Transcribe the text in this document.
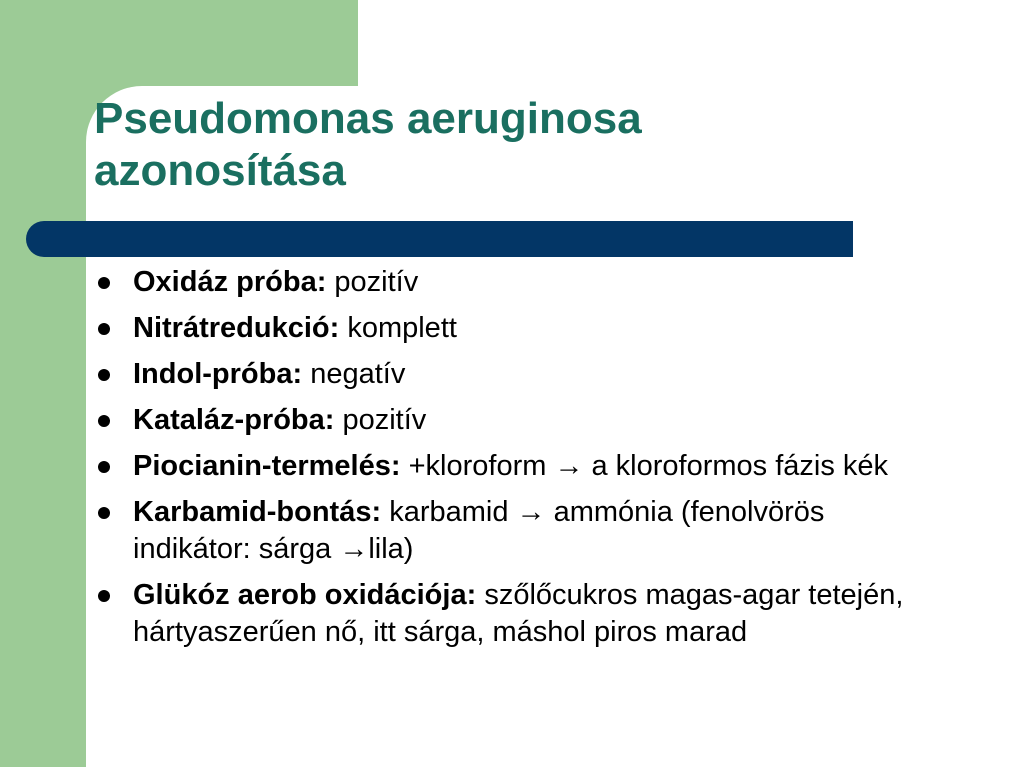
Pseudomonas aeruginosa
azonosítása
Oxidáz próba: pozitív
Nitrátredukció: komplett
Indol-próba: negatív
Kataláz-próba: pozitív
Piocianin-termelés: +kloroform → a kloroformos fázis kék
Karbamid-bontás: karbamid → ammónia (fenolvörös indikátor: sárga →lila)
Glükóz aerob oxidációja: szőlőcukros magas-agar tetején, hártyaszerűen nő, itt sárga, máshol piros marad
